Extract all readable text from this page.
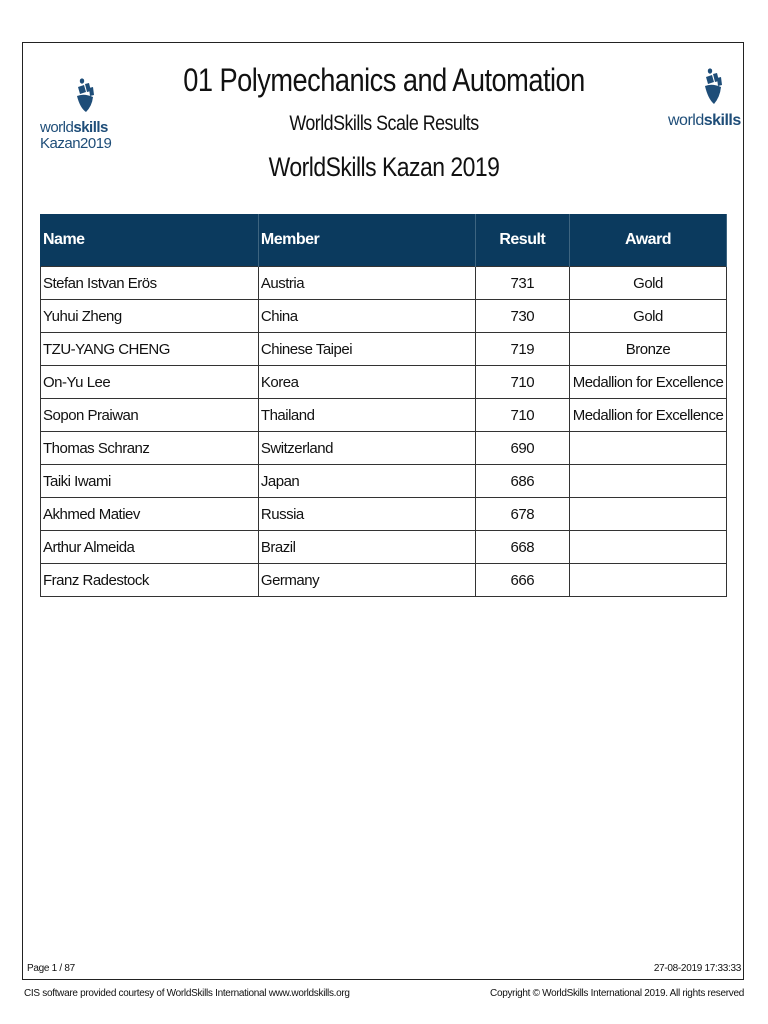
worldskills
Kazan2019
01 Polymechanics and Automation
WorldSkills Scale Results
WorldSkills Kazan 2019
worldskills
Name	Member	Result	Award
Stefan Istvan Erös	Austria	731	Gold
Yuhui Zheng	China	730	Gold
TZU-YANG CHENG	Chinese Taipei	719	Bronze
On-Yu Lee	Korea	710	Medallion for Excellence
Sopon Praiwan	Thailand	710	Medallion for Excellence
Thomas Schranz	Switzerland	690	
Taiki Iwami	Japan	686	
Akhmed Matiev	Russia	678	
Arthur Almeida	Brazil	668	
Franz Radestock	Germany	666	
Page 1 / 87	27-08-2019 17:33:33
CIS software provided courtesy of WorldSkills International www.worldskills.org	Copyright © WorldSkills International 2019. All rights reserved
